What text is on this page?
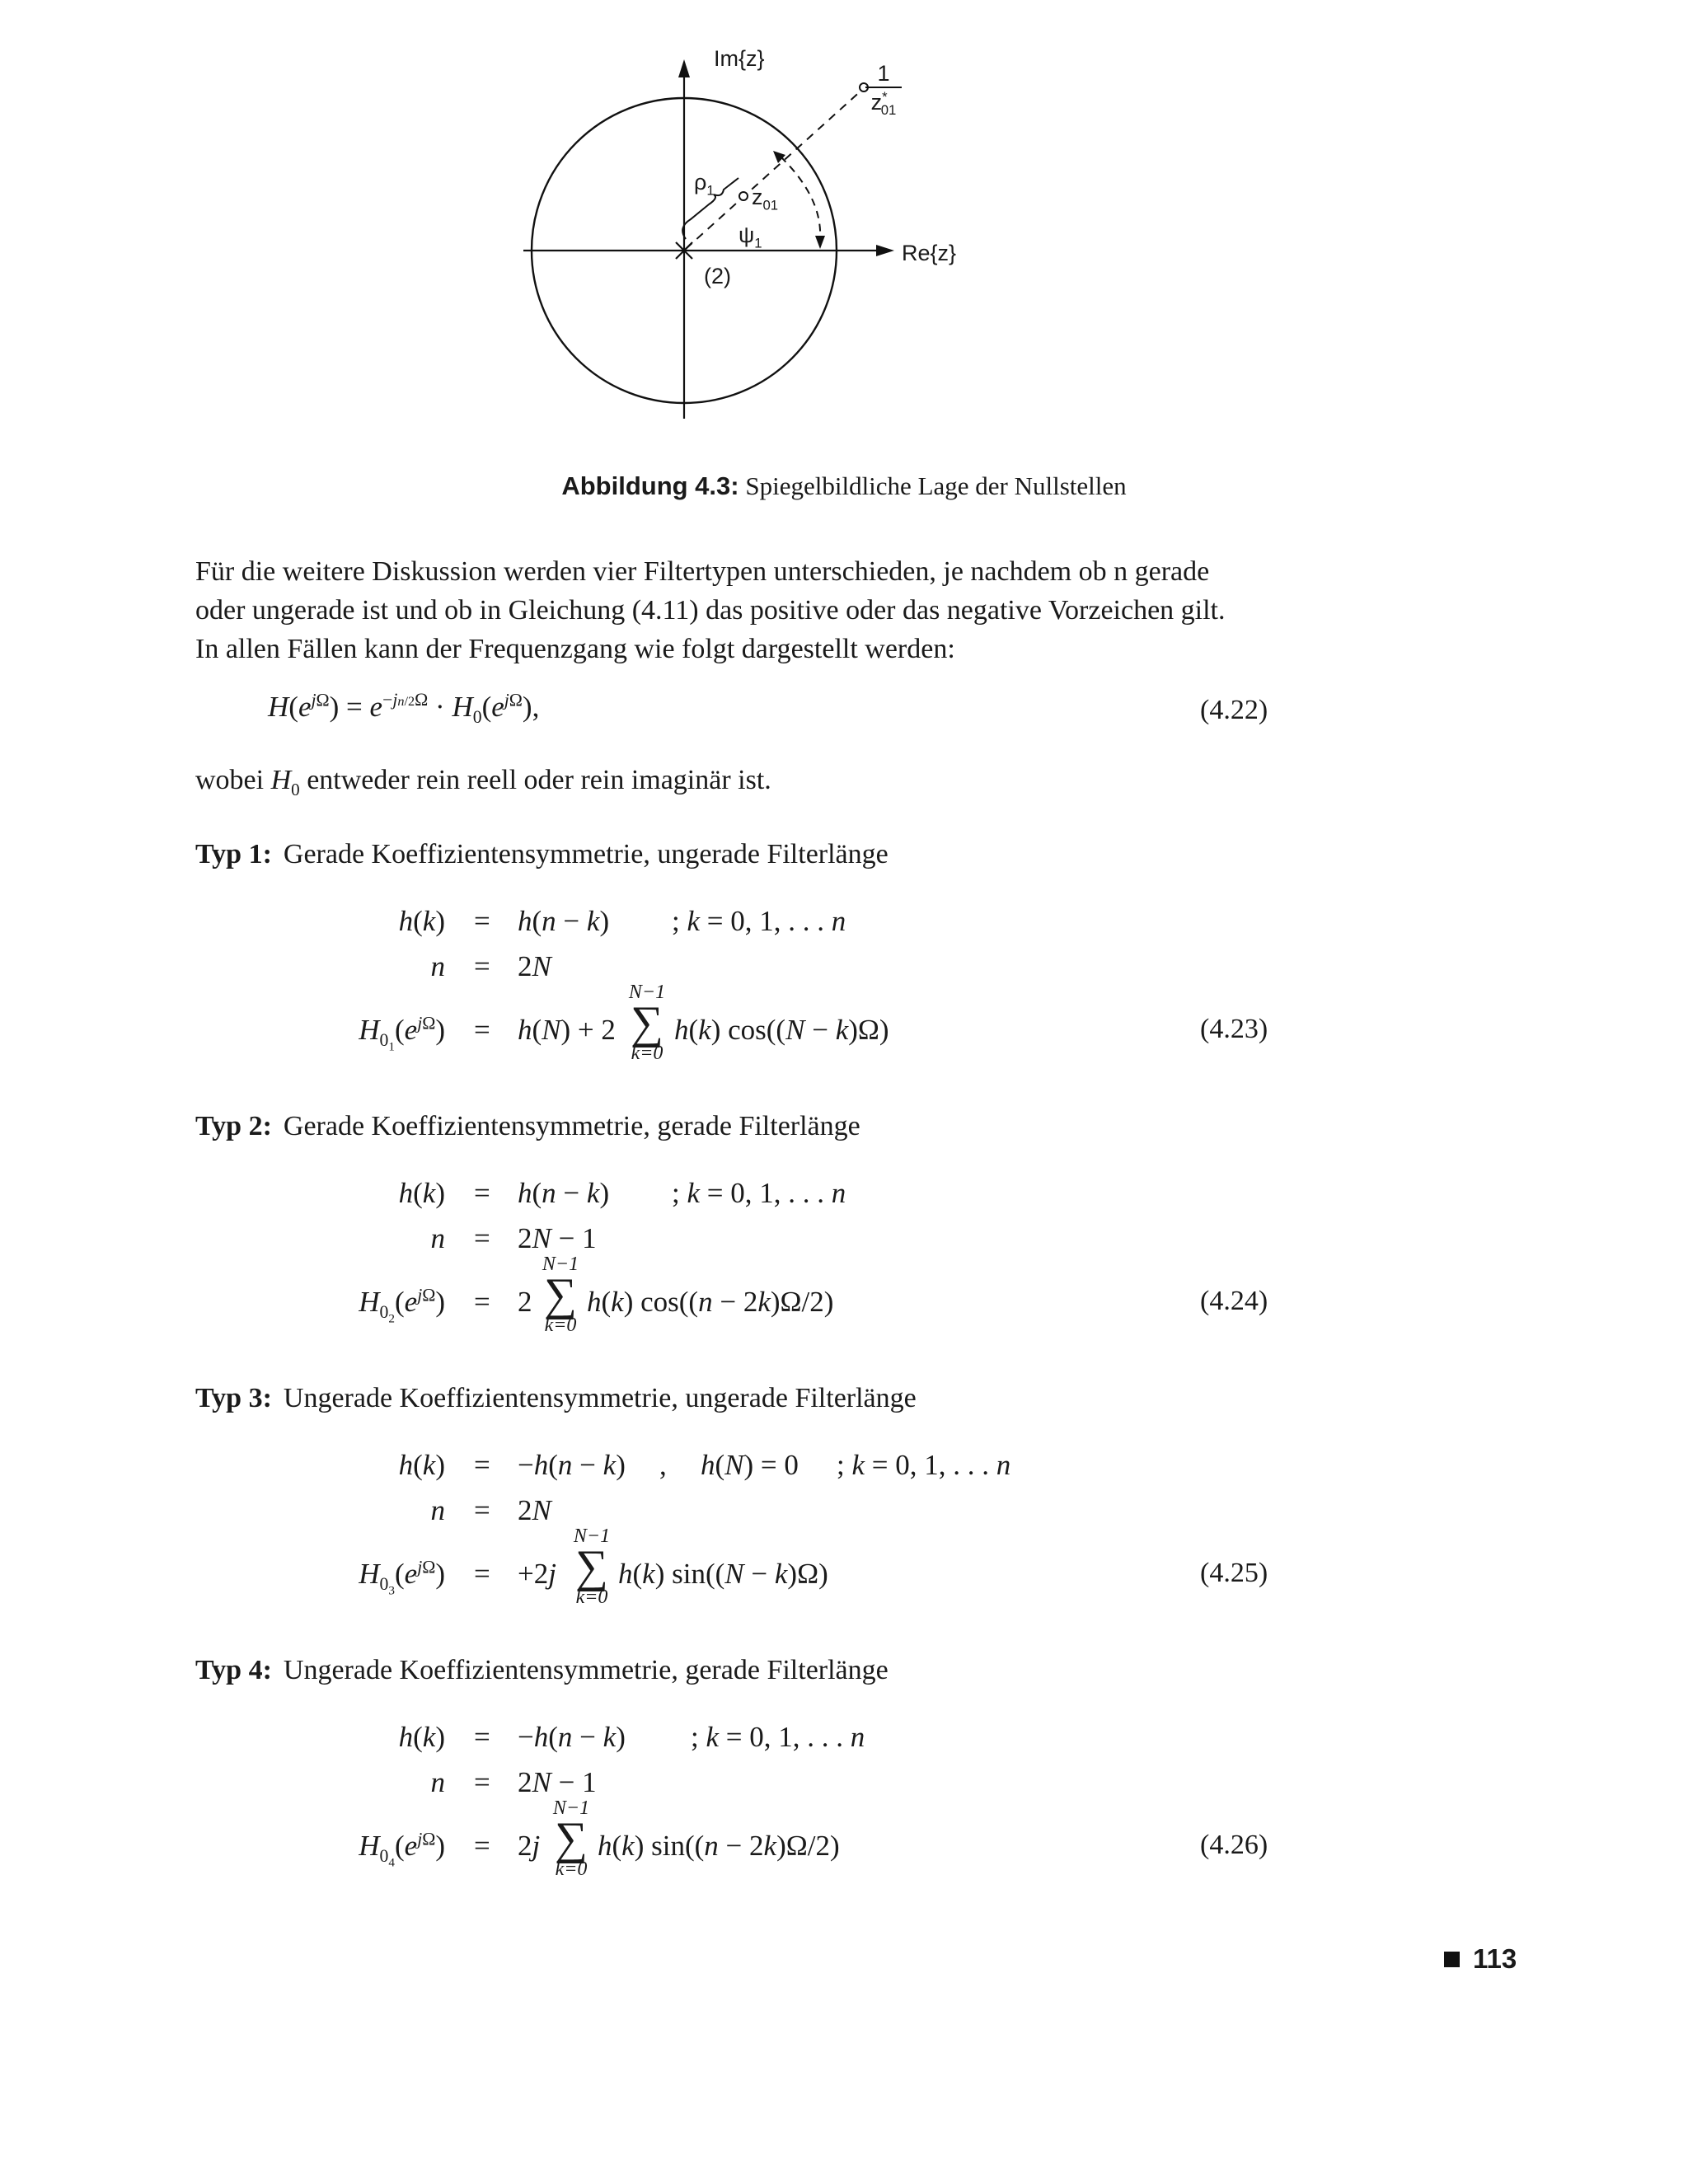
Im{z}
Re{z}
$\rho_1$ $z_{01}$
$\psi_1$
(2)
1
$z^*_{01}$
Abbildung 4.3: Spiegelbildliche Lage der Nullstellen

Für die weitere Diskussion werden vier Filtertypen unterschieden, je nachdem ob n gerade

oder ungerade ist und ob in Gleichung (4.11) das positive oder das negative Vorzeichen gilt.

In allen Fällen kann der Frequenzgang wie folgt dargestellt werden:

$H(e^{j\Omega}) = e^{-jn/2\Omega} \cdot H_0(e^{j\Omega})$,	(4.22)
wobei $H_0$ entweder rein reell oder rein imaginär ist.
Typ 1: Gerade Koeffizientensymmetrie, ungerade Filterlänge
h(k) = h(n − k) ; k = 0, 1, . . . n
n = 2N
$H_{0_1}(e^{j\Omega}) = h(N) + 2$
N−1
∑
k=0
h(k) cos((N − k)Ω)	(4.23)
Typ 2: Gerade Koeffizientensymmetrie, gerade Filterlänge
h(k) = h(n − k) ; k = 0, 1, . . . n
n = 2N − 1
$H_{0_2}(e^{j\Omega}) = 2$
N−1
∑
k=0
h(k) cos((n − 2k)Ω/2)	(4.24)
Typ 3: Ungerade Koeffizientensymmetrie, ungerade Filterlänge
h(k) = −h(n − k) , h(N) = 0 ; k = 0, 1, . . . n
n = 2N
$H_{0_3}(e^{j\Omega}) = +2j$
N−1
∑
k=0
h(k) sin((N − k)Ω)	(4.25)
Typ 4: Ungerade Koeffizientensymmetrie, gerade Filterlänge
h(k) = −h(n − k) ; k = 0, 1, . . . n
n = 2N − 1
$H_{0_4}(e^{j\Omega}) = 2j$
N−1
∑
k=0
h(k) sin((n − 2k)Ω/2)	(4.26)
113
